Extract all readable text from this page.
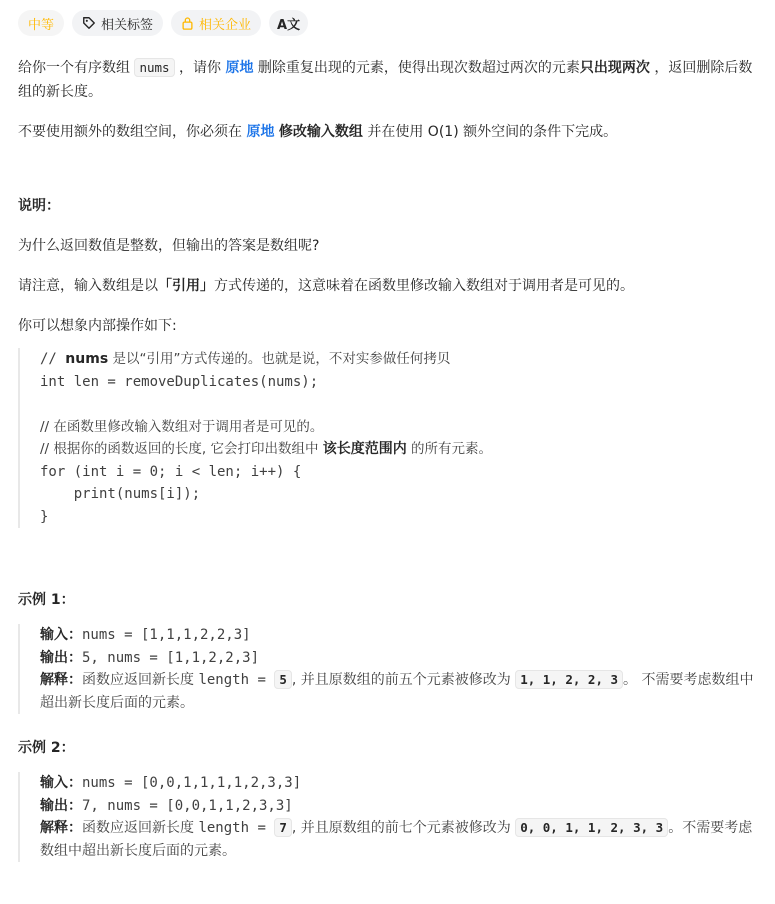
中等	相关标签	相关企业 A文

给你一个有序数组 nums ，请你 原地 删除重复出现的元素，使得出现次数超过两次的元素只出现两次 ，返回删除后数组的新长度。

不要使用额外的数组空间，你必须在 原地 修改输入数组 并在使用 O(1) 额外空间的条件下完成。

说明：

为什么返回数值是整数，但输出的答案是数组呢?

请注意，输入数组是以「引用」方式传递的，这意味着在函数里修改输入数组对于调用者是可见的。

你可以想象内部操作如下:

// nums 是以“引用”方式传递的。也就是说，不对实参做任何拷贝
int len = removeDuplicates(nums);

// 在函数里修改输入数组对于调用者是可见的。
// 根据你的函数返回的长度, 它会打印出数组中 该长度范围内 的所有元素。
for (int i = 0; i < len; i++) {
print(nums[i]);
}
示例 1：
输入：nums = [1,1,1,2,2,3]
输出：5, nums = [1,1,2,2,3]
解释：函数应返回新长度 length = 5 , 并且原数组的前五个元素被修改为 1, 1, 2, 2, 3 。 不需要考虑数组中超出新长度后面的元素。
示例 2：
输入：nums = [0,0,1,1,1,1,2,3,3]
输出：7, nums = [0,0,1,1,2,3,3]
解释：函数应返回新长度 length = 7 , 并且原数组的前七个元素被修改为 0, 0, 1, 1, 2, 3, 3 。不需要考虑数组中超出新长度后面的元素。
